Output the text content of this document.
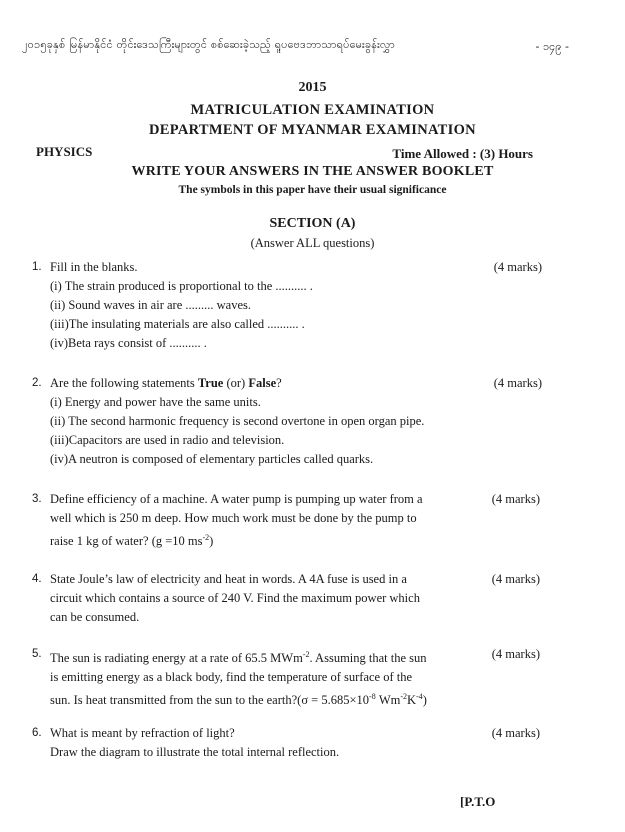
၂၀၁၅ခုနှစ် မြန်မာနိုင်ငံ တိုင်းဒေသကြီးများတွင် စစ်ဆေးခဲ့သည့် ရူပဗေဒဘာသာရပ်မေးခွန်းလွှာ	- ၁၄၉ -
2015
MATRICULATION EXAMINATION
DEPARTMENT OF MYANMAR EXAMINATION
PHYSICS	Time Allowed : (3) Hours
WRITE YOUR ANSWERS IN THE ANSWER BOOKLET
The symbols in this paper have their usual significance
SECTION (A)
(Answer ALL questions)
1. Fill in the blanks.	(4 marks)
(i) The strain produced is proportional to the .......... .
(ii) Sound waves in air are ......... waves.
(iii)The insulating materials are also called .......... .
(iv)Beta rays consist of .......... .
2. Are the following statements True (or) False?	(4 marks)
(i) Energy and power have the same units.
(ii) The second harmonic frequency is second overtone in open organ pipe.
(iii)Capacitors are used in radio and television.
(iv)A neutron is composed of elementary particles called quarks.
3. Define efficiency of a machine. A water pump is pumping up water from a	(4 marks)
well which is 250 m deep. How much work must be done by the pump to
raise 1 kg of water? (g =10 $ms^{-2}$)
4. State Joule’s law of electricity and heat in words. A 4A fuse is used in a	(4 marks)
circuit which contains a source of 240 V. Find the maximum power which
can be consumed.
5. The sun is radiating energy at a rate of 65.5 MWm$^{-2}$. Assuming that the sun	(4 marks)
is emitting energy as a black body, find the temperature of surface of the
sun. Is heat transmitted from the sun to the earth?(σ = $5.685\times 10^{-8}$ $Wm^{-2}K^{-4}$)
6. What is meant by refraction of light?	(4 marks)
Draw the diagram to illustrate the total internal reflection.
[P.T.O
